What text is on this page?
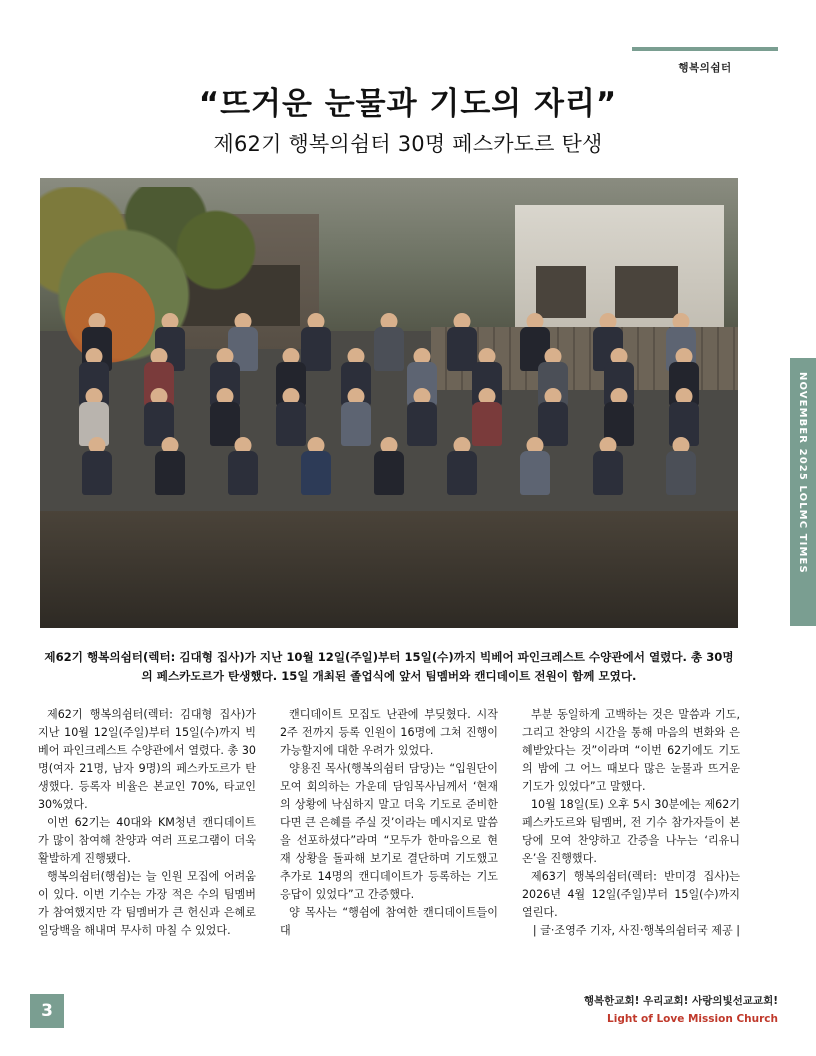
행복의쉼터
NOVEMBER 2025 LOLMC TIMES
“뜨거운 눈물과 기도의 자리”
제62기 행복의쉼터 30명 페스카도르 탄생
제62기 행복의쉼터(렉터: 김대형 집사)가 지난 10월 12일(주일)부터 15일(수)까지 빅베어 파인크레스트 수양관에서 열렸다. 총 30명의 페스카도르가 탄생했다. 15일 개최된 졸업식에 앞서 팀멤버와 캔디데이트 전원이 함께 모였다.

제62기 행복의쉼터(렉터: 김대형 집사)가 지난 10월 12일(주일)부터 15일(수)까지 빅베어 파인크레스트 수양관에서 열렸다. 총 30명(여자 21명, 남자 9명)의 페스카도르가 탄생했다. 등록자 비율은 본교인 70%, 타교인 30%였다.

이번 62기는 40대와 KM청년 캔디데이트가 많이 참여해 찬양과 여러 프로그램이 더욱 활발하게 진행됐다.

행복의쉼터(행쉼)는 늘 인원 모집에 어려움이 있다. 이번 기수는 가장 적은 수의 팀멤버가 참여했지만 각 팀멤버가 큰 헌신과 은혜로 일당백을 해내며 무사히 마칠 수 있었다.

캔디데이트 모집도 난관에 부딪혔다. 시작 2주 전까지 등록 인원이 16명에 그쳐 진행이 가능할지에 대한 우려가 있었다.

양용진 목사(행복의쉼터 담당)는 “입원단이 모여 회의하는 가운데 담임목사님께서 ‘현재의 상황에 낙심하지 말고 더욱 기도로 준비한다면 큰 은혜를 주실 것’이라는 메시지로 말씀을 선포하셨다”라며 “모두가 한마음으로 현재 상황을 돌파해 보기로 결단하며 기도했고 추가로 14명의 캔디데이트가 등록하는 기도 응답이 있었다”고 간증했다.

양 목사는 “행쉼에 참여한 캔디데이트들이 대

부분 동일하게 고백하는 것은 말씀과 기도, 그리고 찬양의 시간을 통해 마음의 변화와 은혜받았다는 것”이라며 “이번 62기에도 기도의 밤에 그 어느 때보다 많은 눈물과 뜨거운 기도가 있었다”고 말했다.

10월 18일(토) 오후 5시 30분에는 제62기 페스카도르와 팀멤버, 전 기수 참가자들이 본당에 모여 찬양하고 간증을 나누는 ‘리유니온’을 진행했다.

제63기 행복의쉼터(렉터: 반미경 집사)는 2026년 4월 12일(주일)부터 15일(수)까지 열린다.

| 글·조영주 기자, 사진·행복의쉼터국 제공 |

3	행복한교회! 우리교회! 사랑의빛선교교회!
Light of Love Mission Church
